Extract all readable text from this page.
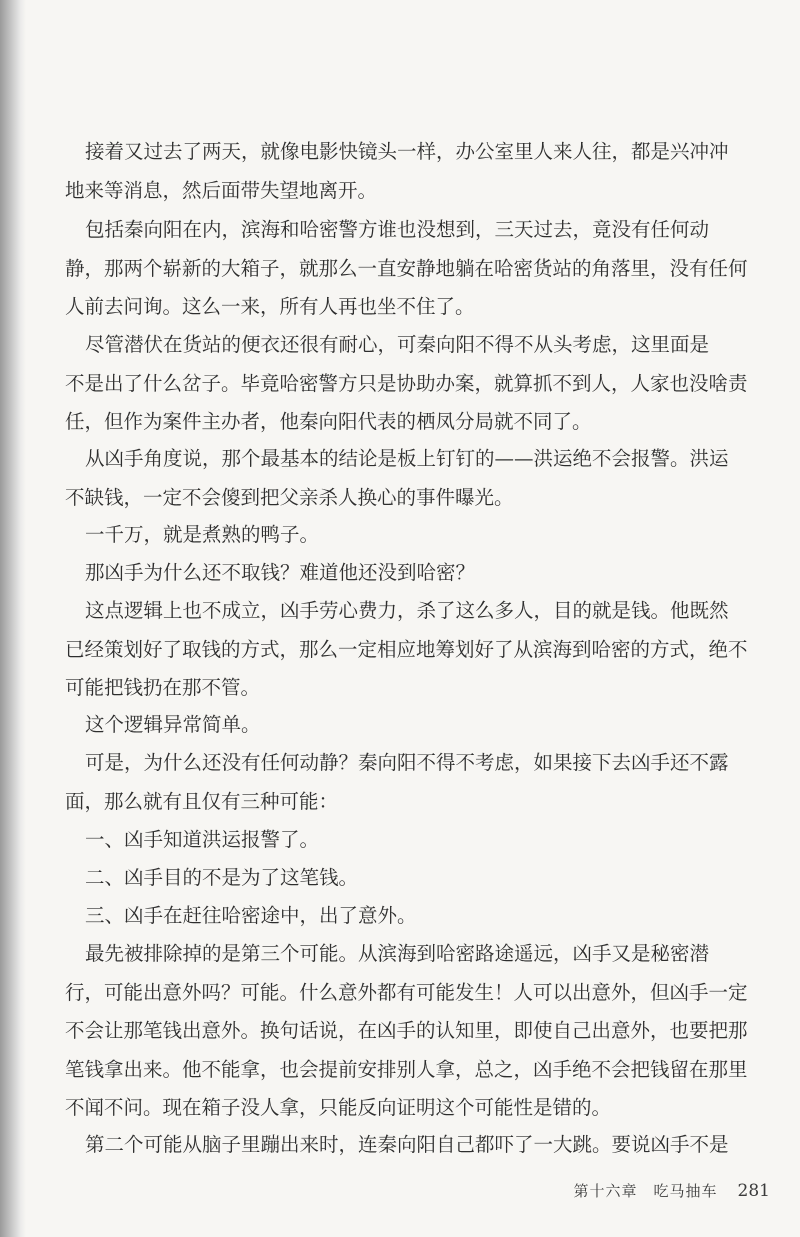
接着又过去了两天，就像电影快镜头一样，办公室里人来人往，都是兴冲冲
地来等消息，然后面带失望地离开。

包括秦向阳在内，滨海和哈密警方谁也没想到，三天过去，竟没有任何动
静，那两个崭新的大箱子，就那么一直安静地躺在哈密货站的角落里，没有任何
人前去问询。这么一来，所有人再也坐不住了。

尽管潜伏在货站的便衣还很有耐心，可秦向阳不得不从头考虑，这里面是
不是出了什么岔子。毕竟哈密警方只是协助办案，就算抓不到人，人家也没啥责
任，但作为案件主办者，他秦向阳代表的栖凤分局就不同了。

从凶手角度说，那个最基本的结论是板上钉钉的——洪运绝不会报警。洪运
不缺钱，一定不会傻到把父亲杀人换心的事件曝光。

一千万，就是煮熟的鸭子。

那凶手为什么还不取钱？难道他还没到哈密？

这点逻辑上也不成立，凶手劳心费力，杀了这么多人，目的就是钱。他既然
已经策划好了取钱的方式，那么一定相应地筹划好了从滨海到哈密的方式，绝不
可能把钱扔在那不管。

这个逻辑异常简单。

可是，为什么还没有任何动静？秦向阳不得不考虑，如果接下去凶手还不露
面，那么就有且仅有三种可能：

一、凶手知道洪运报警了。

二、凶手目的不是为了这笔钱。

三、凶手在赶往哈密途中，出了意外。

最先被排除掉的是第三个可能。从滨海到哈密路途遥远，凶手又是秘密潜
行，可能出意外吗？可能。什么意外都有可能发生！人可以出意外，但凶手一定
不会让那笔钱出意外。换句话说，在凶手的认知里，即使自己出意外，也要把那
笔钱拿出来。他不能拿，也会提前安排别人拿，总之，凶手绝不会把钱留在那里
不闻不问。现在箱子没人拿，只能反向证明这个可能性是错的。

第二个可能从脑子里蹦出来时，连秦向阳自己都吓了一大跳。要说凶手不是

第十六章　吃马抽车 281
